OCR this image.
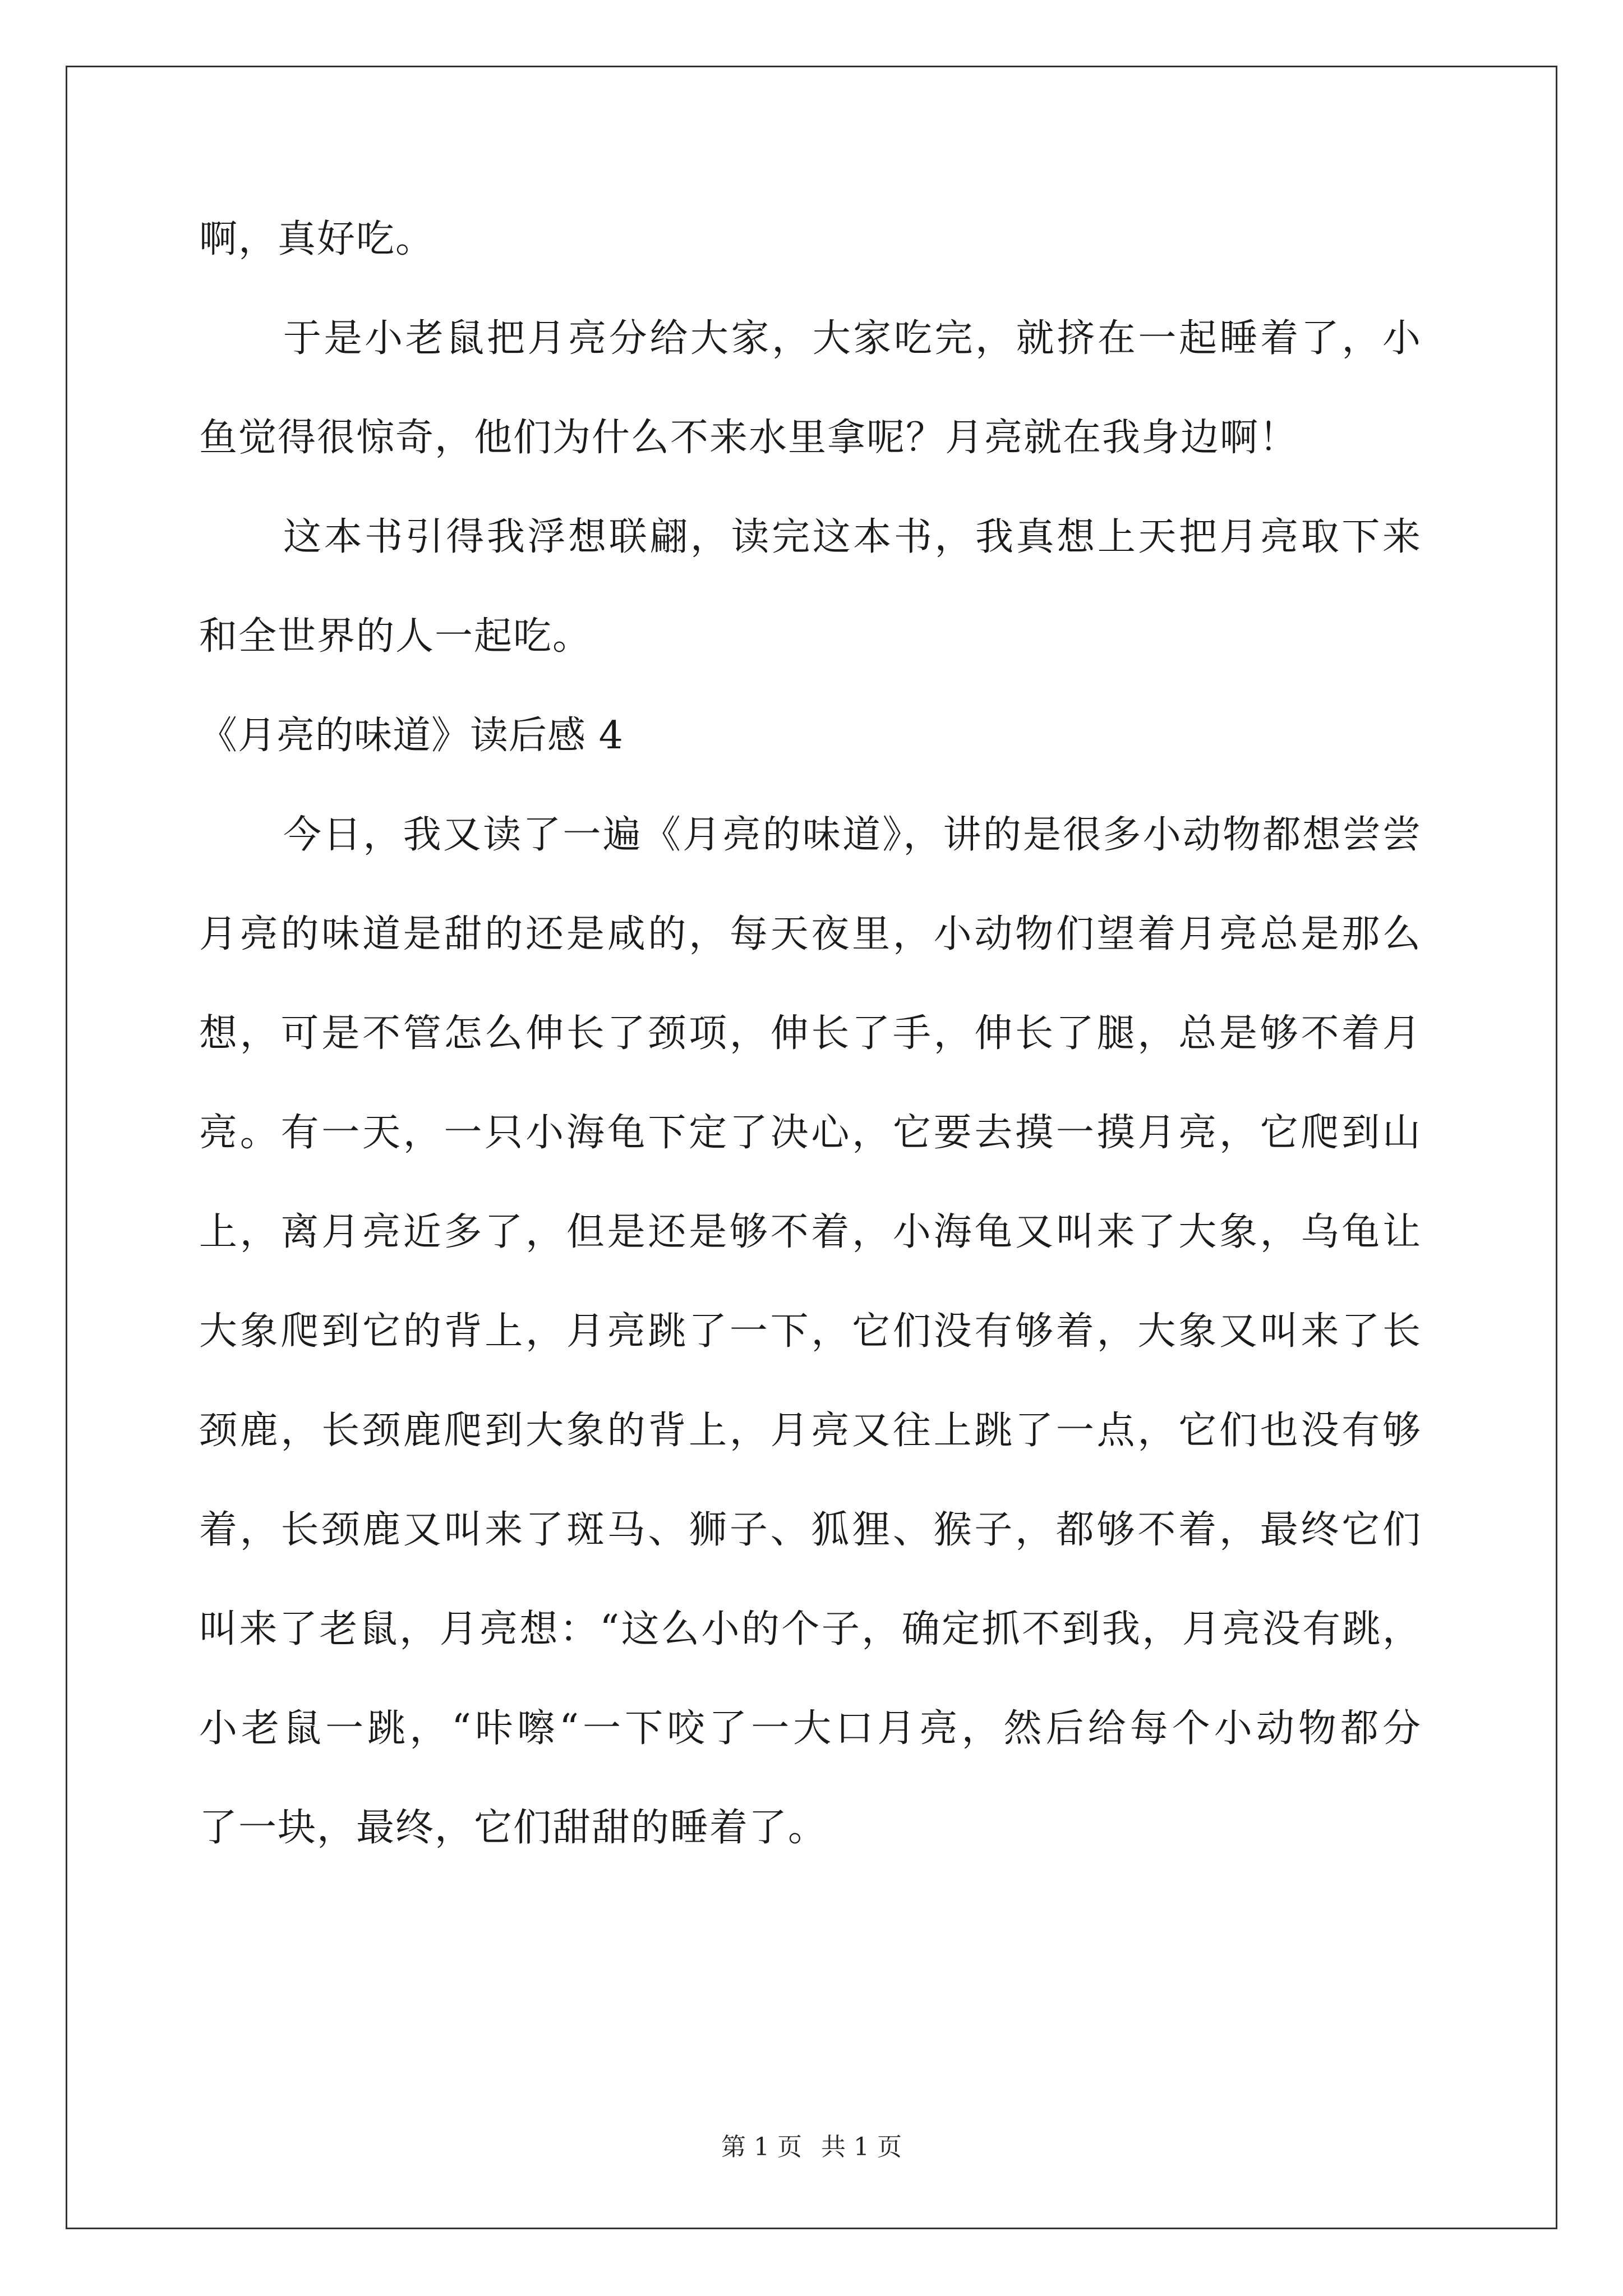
啊，真好吃。
于是小老鼠把月亮分给大家，大家吃完，就挤在一起睡着了，小
鱼觉得很惊奇，他们为什么不来水里拿呢？月亮就在我身边啊！
这本书引得我浮想联翩，读完这本书，我真想上天把月亮取下来
和全世界的人一起吃。
《月亮的味道》读后感 4
今日，我又读了一遍《月亮的味道》，讲的是很多小动物都想尝尝
月亮的味道是甜的还是咸的，每天夜里，小动物们望着月亮总是那么
想，可是不管怎么伸长了颈项，伸长了手，伸长了腿，总是够不着月
亮。有一天，一只小海龟下定了决心，它要去摸一摸月亮，它爬到山
上，离月亮近多了，但是还是够不着，小海龟又叫来了大象，乌龟让
大象爬到它的背上，月亮跳了一下，它们没有够着，大象又叫来了长
颈鹿，长颈鹿爬到大象的背上，月亮又往上跳了一点，它们也没有够
着，长颈鹿又叫来了斑马、狮子、狐狸、猴子，都够不着，最终它们
叫来了老鼠，月亮想：“这么小的个子，确定抓不到我，月亮没有跳，
小老鼠一跳，“咔嚓“一下咬了一大口月亮，然后给每个小动物都分
了一块，最终，它们甜甜的睡着了。
第 1 页 共 1 页
